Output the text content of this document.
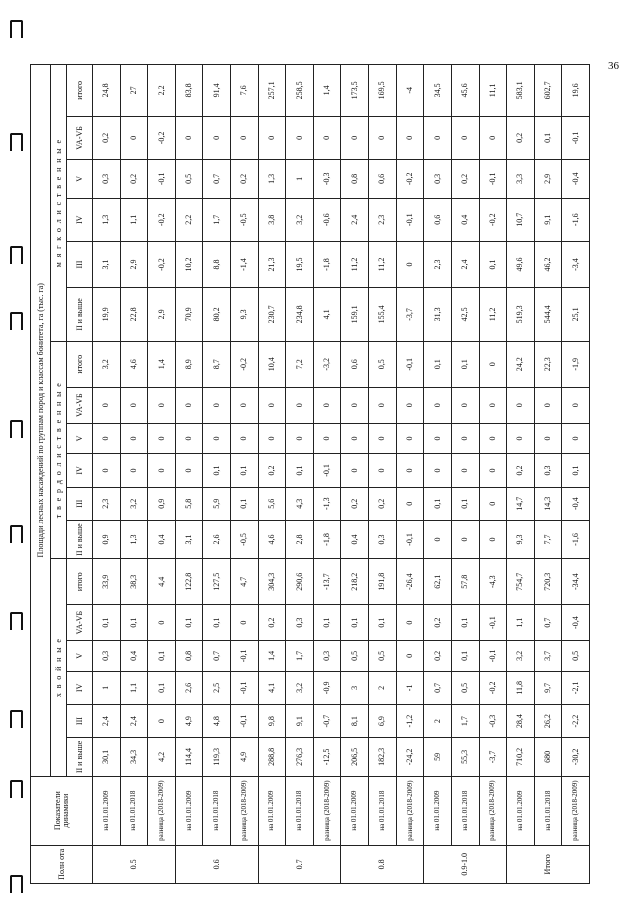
36
Полн ота	Показатели динамики	Площади лесных насаждений по группам пород и классам бонитета, га (тыс. га)																	
		х в о й н ы е						т в е р д о л и с т в е н н ы е						м я г к о л и с т в е н н ы е					
		II и выше	III	IV	V	VA-VБ	итого	II и выше	III	IV	V	VA-VБ	итого	II и выше	III	IV	V	VA-VБ	итого
0.5	на 01.01.2009	30,1	2,4	1	0,3	0,1	33,9	0,9	2,3	0	0	0	3,2	19,9	3,1	1,3	0,3	0,2	24,8
	на 01.01.2018	34,3	2,4	1,1	0,4	0,1	38,3	1,3	3,2	0	0	0	4,6	22,8	2,9	1,1	0,2	0	27
	разница (2018-2009)	4,2	0	0,1	0,1	0	4,4	0,4	0,9	0	0	0	1,4	2,9	-0,2	-0,2	-0,1	-0,2	2,2
0.6	на 01.01.2009	114,4	4,9	2,6	0,8	0,1	122,8	3,1	5,8	0	0	0	8,9	70,9	10,2	2,2	0,5	0	83,8
	на 01.01.2018	119,3	4,8	2,5	0,7	0,1	127,5	2,6	5,9	0,1	0	0	8,7	80,2	8,8	1,7	0,7	0	91,4
	разница (2018-2009)	4,9	-0,1	-0,1	-0,1	0	4,7	-0,5	0,1	0,1	0	0	-0,2	9,3	-1,4	-0,5	0,2	0	7,6
0.7	на 01.01.2009	288,8	9,8	4,1	1,4	0,2	304,3	4,6	5,6	0,2	0	0	10,4	230,7	21,3	3,8	1,3	0	257,1
	на 01.01.2018	276,3	9,1	3,2	1,7	0,3	290,6	2,8	4,3	0,1	0	0	7,2	234,8	19,5	3,2	1	0	258,5
	разница (2018-2009)	-12,5	-0,7	-0,9	0,3	0,1	-13,7	-1,8	-1,3	-0,1	0	0	-3,2	4,1	-1,8	-0,6	-0,3	0	1,4
0.8	на 01.01.2009	206,5	8,1	3	0,5	0,1	218,2	0,4	0,2	0	0	0	0,6	159,1	11,2	2,4	0,8	0	173,5
	на 01.01.2018	182,3	6,9	2	0,5	0,1	191,8	0,3	0,2	0	0	0	0,5	155,4	11,2	2,3	0,6	0	169,5
	разница (2018-2009)	-24,2	-1,2	-1	0	0	-26,4	-0,1	0	0	0	0	-0,1	-3,7	0	-0,1	-0,2	0	-4
0.9-1.0	на 01.01.2009	59	2	0,7	0,2	0,2	62,1	0	0,1	0	0	0	0,1	31,3	2,3	0,6	0,3	0	34,5
	на 01.01.2018	55,3	1,7	0,5	0,1	0,1	57,8	0	0,1	0	0	0	0,1	42,5	2,4	0,4	0,2	0	45,6
	разница (2018-2009)	-3,7	-0,3	-0,2	-0,1	-0,1	-4,3	0	0	0	0	0	0	11,2	0,1	-0,2	-0,1	0	11,1
Итого	на 01.01.2009	710,2	28,4	11,8	3,2	1,1	754,7	9,3	14,7	0,2	0	0	24,2	519,3	49,6	10,7	3,3	0,2	583,1
	на 01.01.2018	680	26,2	9,7	3,7	0,7	720,3	7,7	14,3	0,3	0	0	22,3	544,4	46,2	9,1	2,9	0,1	602,7
	разница (2018-2009)	-30,2	-2,2	-2,1	0,5	-0,4	-34,4	-1,6	-0,4	0,1	0	0	-1,9	25,1	-3,4	-1,6	-0,4	-0,1	19,6
